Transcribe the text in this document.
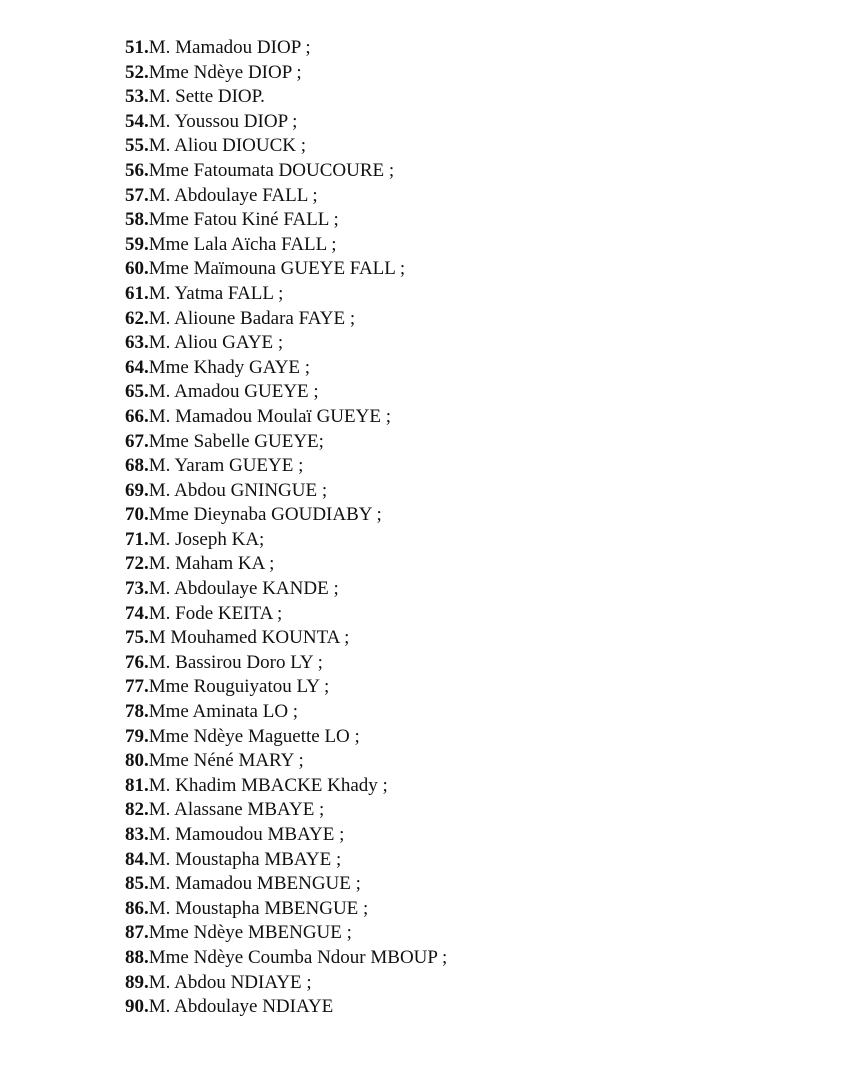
51.M. Mamadou DIOP ;
52.Mme Ndèye DIOP ;
53.M. Sette DIOP.
54.M. Youssou DIOP ;
55.M. Aliou DIOUCK ;
56.Mme Fatoumata DOUCOURE ;
57.M. Abdoulaye FALL ;
58.Mme Fatou Kiné FALL ;
59.Mme Lala Aïcha FALL ;
60.Mme Maïmouna GUEYE FALL ;
61.M. Yatma FALL ;
62.M. Alioune Badara FAYE ;
63.M. Aliou GAYE ;
64.Mme Khady GAYE ;
65.M. Amadou GUEYE ;
66.M. Mamadou Moulaï GUEYE ;
67.Mme Sabelle GUEYE;
68.M. Yaram GUEYE ;
69.M. Abdou GNINGUE ;
70.Mme Dieynaba GOUDIABY ;
71.M. Joseph KA;
72.M. Maham KA ;
73.M. Abdoulaye KANDE ;
74.M. Fode KEITA ;
75.M Mouhamed KOUNTA ;
76.M. Bassirou Doro LY ;
77.Mme Rouguiyatou LY ;
78.Mme Aminata LO ;
79.Mme Ndèye Maguette LO ;
80.Mme Néné MARY ;
81.M. Khadim MBACKE Khady ;
82.M. Alassane MBAYE ;
83.M. Mamoudou MBAYE ;
84.M. Moustapha MBAYE ;
85.M. Mamadou MBENGUE ;
86.M. Moustapha MBENGUE ;
87.Mme Ndèye MBENGUE ;
88.Mme Ndèye Coumba Ndour MBOUP ;
89.M. Abdou NDIAYE ;
90.M. Abdoulaye NDIAYE
